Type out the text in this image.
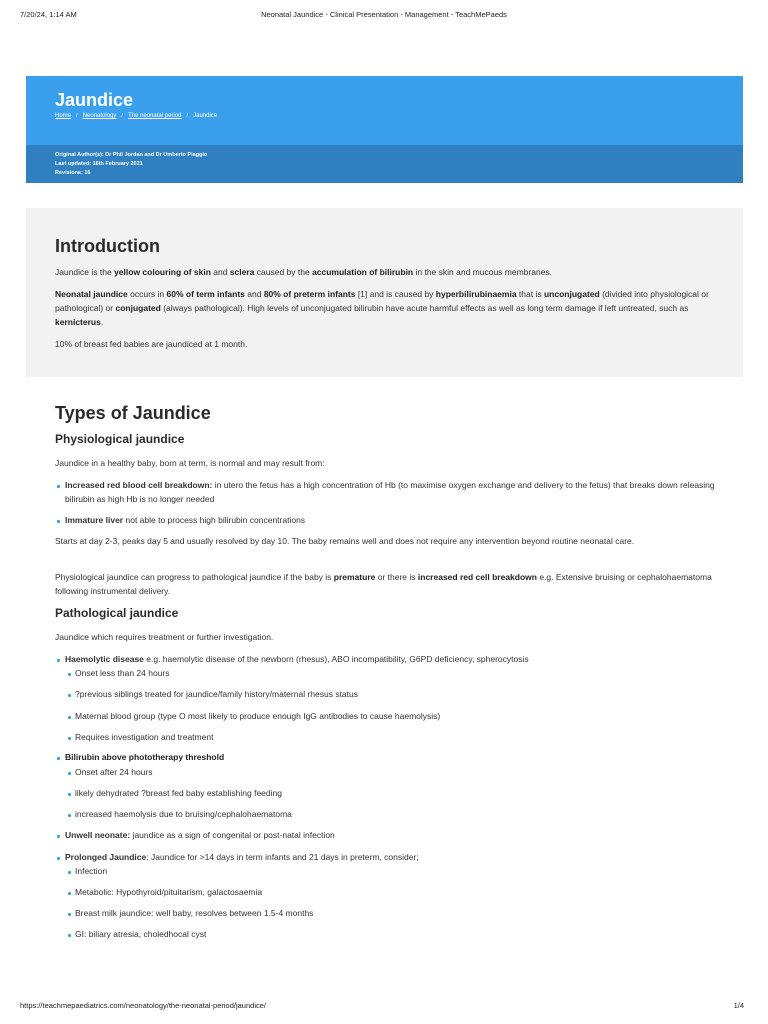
7/20/24, 1:14 AM	Neonatal Jaundice - Clinical Presentation - Management - TeachMePaeds
Jaundice
Home / Neonatology / The neonatal period / Jaundice
Original Author(s): Dr Phil Jordan and Dr Umberto Piaggio
Last updated: 16th February 2021
Revisions: 16
Introduction

Jaundice is the yellow colouring of skin and sclera caused by the accumulation of bilirubin in the skin and mucous membranes.

Neonatal jaundice occurs in 60% of term infants and 80% of preterm infants [1] and is caused by hyperbilirubinaemia that is unconjugated (divided into physiological or pathological) or conjugated (always pathological). High levels of unconjugated bilirubin have acute harmful effects as well as long term damage if left untreated, such as kernicterus.

10% of breast fed babies are jaundiced at 1 month.

Types of Jaundice
Physiological jaundice

Jaundice in a healthy baby, born at term, is normal and may result from:

Increased red blood cell breakdown: in utero the fetus has a high concentration of Hb (to maximise oxygen exchange and delivery to the fetus) that breaks down releasing bilirubin as high Hb is no longer needed

Immature liver not able to process high bilirubin concentrations

Starts at day 2-3, peaks day 5 and usually resolved by day 10. The baby remains well and does not require any intervention beyond routine neonatal care.

Physiological jaundice can progress to pathological jaundice if the baby is premature or there is increased red cell breakdown e.g. Extensive bruising or cephalohaematoma following instrumental delivery.

Pathological jaundice

Jaundice which requires treatment or further investigation.

Haemolytic disease e.g. haemolytic disease of the newborn (rhesus), ABO incompatibility, G6PD deficiency, spherocytosis

Onset less than 24 hours

?previous siblings treated for jaundice/family history/maternal rhesus status

Maternal blood group (type O most likely to produce enough IgG antibodies to cause haemolysis)

Requires investigation and treatment

Bilirubin above phototherapy threshold

Onset after 24 hours

likely dehydrated ?breast fed baby establishing feeding

increased haemolysis due to bruising/cephalohaematoma

Unwell neonate: jaundice as a sign of congenital or post-natal infection

Prolonged Jaundice: Jaundice for >14 days in term infants and 21 days in preterm, consider;

Infection

Metabolic: Hypothyroid/pituitarism, galactosaemia

Breast milk jaundice: well baby, resolves between 1.5-4 months

GI: biliary atresia, choledhocal cyst

https://teachmepaediatrics.com/neonatology/the-neonatal-period/jaundice/	1/4
